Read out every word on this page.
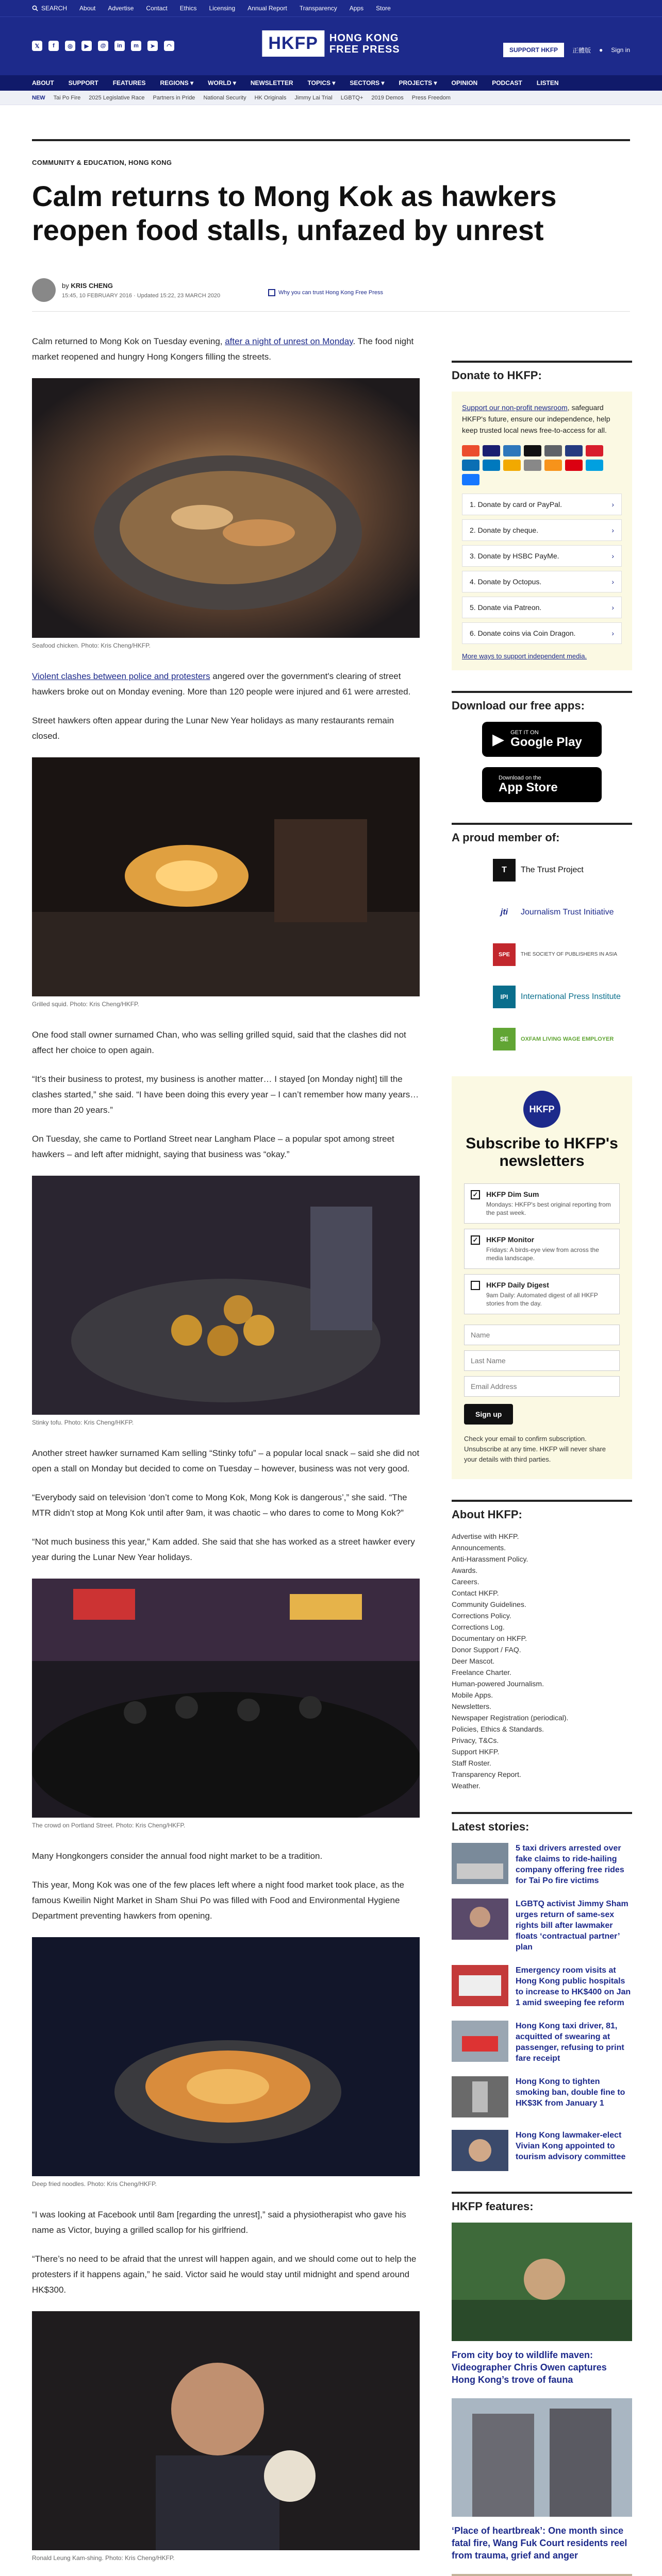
SEARCH About Advertise Contact Ethics Licensing Annual Report Transparency Apps Store
𝕏	f	◎	▶	@	in	m	➤	◠	HKFP	HONG KONG
FREE PRESS	SUPPORT HKFP	正體版 ● Sign in
ABOUT SUPPORT FEATURES REGIONS ▾ WORLD ▾ NEWSLETTER TOPICS ▾ SECTORS ▾ PROJECTS ▾ OPINION PODCAST LISTEN
NEW Tai Po Fire 2025 Legislative Race Partners in Pride National Security HK Originals Jimmy Lai Trial LGBTQ+ 2019 Demos Press Freedom
COMMUNITY & EDUCATION, HONG KONG
Calm returns to Mong Kok as hawkers reopen food stalls, unfazed by unrest
by KRIS CHENG
15:45, 10 FEBRUARY 2016 · Updated 15:22, 23 MARCH 2020	Why you can trust Hong Kong Free Press

Calm returned to Mong Kok on Tuesday evening, after a night of unrest on Monday. The food night market reopened and hungry Hong Kongers filling the streets.

Seafood chicken. Photo: Kris Cheng/HKFP.

Violent clashes between police and protesters angered over the government's clearing of street hawkers broke out on Monday evening. More than 120 people were injured and 61 were arrested.

Street hawkers often appear during the Lunar New Year holidays as many restaurants remain closed.

Grilled squid. Photo: Kris Cheng/HKFP.

One food stall owner surnamed Chan, who was selling grilled squid, said that the clashes did not affect her choice to open again.

“It’s their business to protest, my business is another matter… I stayed [on Monday night] till the clashes started,” she said. “I have been doing this every year – I can’t remember how many years… more than 20 years.”

On Tuesday, she came to Portland Street near Langham Place – a popular spot among street hawkers – and left after midnight, saying that business was “okay.”

Stinky tofu. Photo: Kris Cheng/HKFP.

Another street hawker surnamed Kam selling “Stinky tofu” – a popular local snack – said she did not open a stall on Monday but decided to come on Tuesday – however, business was not very good.

“Everybody said on television ‘don’t come to Mong Kok, Mong Kok is dangerous’,” she said. “The MTR didn’t stop at Mong Kok until after 9am, it was chaotic – who dares to come to Mong Kok?”

“Not much business this year,” Kam added. She said that she has worked as a street hawker every year during the Lunar New Year holidays.

The crowd on Portland Street. Photo: Kris Cheng/HKFP.

Many Hongkongers consider the annual food night market to be a tradition.

This year, Mong Kok was one of the few places left where a night food market took place, as the famous Kweilin Night Market in Sham Shui Po was filled with Food and Environmental Hygiene Department preventing hawkers from opening.

Deep fried noodles. Photo: Kris Cheng/HKFP.

“I was looking at Facebook until 8am [regarding the unrest],” said a physiotherapist who gave his name as Victor, buying a grilled scallop for his girlfriend.

“There’s no need to be afraid that the unrest will happen again, and we should come out to help the protesters if it happens again,” he said. Victor said he would stay until midnight and spend around HK$300.

Ronald Leung Kam-shing. Photo: Kris Cheng/HKFP.

Donate to HKFP:
Support our non-profit newsroom, safeguard HKFP's future, ensure our independence, help keep trusted local news free-to-access for all.
1. Donate by card or PayPal.	›
2. Donate by cheque.	›
3. Donate by HSBC PayMe.	›
4. Donate by Octopus.	›
5. Donate via Patreon.	›
6. Donate coins via Coin Dragon.	›
More ways to support independent media.
Download our free apps:
▶ GET IT ON
Google Play
Download on the
App Store
A proud member of:
T	The Trust Project
jti	Journalism Trust Initiative
SPE	THE SOCIETY OF PUBLISHERS IN ASIA
IPI	International Press Institute
SE	OXFAM LIVING WAGE EMPLOYER
HKFP
Subscribe to HKFP's newsletters
✓ HKFP Dim Sum
Mondays: HKFP's best original reporting from the past week.
✓ HKFP Monitor
Fridays: A birds-eye view from across the media landscape.
HKFP Daily Digest
9am Daily: Automated digest of all HKFP stories from the day.
Name Last Name Email Address Sign up
Check your email to confirm subscription. Unsubscribe at any time. HKFP will never share your details with third parties.
About HKFP:
Advertise with HKFP.
Announcements.
Anti-Harassment Policy.
Awards.
Careers.
Contact HKFP.
Community Guidelines.
Corrections Policy.
Corrections Log.
Documentary on HKFP.
Donor Support / FAQ.
Deer Mascot.
Freelance Charter.
Human-powered Journalism.
Mobile Apps.
Newsletters.
Newspaper Registration (periodical).
Policies, Ethics & Standards.
Privacy, T&Cs.
Support HKFP.
Staff Roster.
Transparency Report.
Weather.
Latest stories:
5 taxi drivers arrested over fake claims to ride-hailing company offering free rides for Tai Po fire victims
LGBTQ activist Jimmy Sham urges return of same-sex rights bill after lawmaker floats ‘contractual partner’ plan
Emergency room visits at Hong Kong public hospitals to increase to HK$400 on Jan 1 amid sweeping fee reform
Hong Kong taxi driver, 81, acquitted of swearing at passenger, refusing to print fare receipt
Hong Kong to tighten smoking ban, double fine to HK$3K from January 1
Hong Kong lawmaker-elect Vivian Kong appointed to tourism advisory committee
HKFP features:
From city boy to wildlife maven: Videographer Chris Owen captures Hong Kong’s trove of fauna
‘Place of heartbreak’: One month since fatal fire, Wang Fuk Court residents reel from trauma, grief and anger
